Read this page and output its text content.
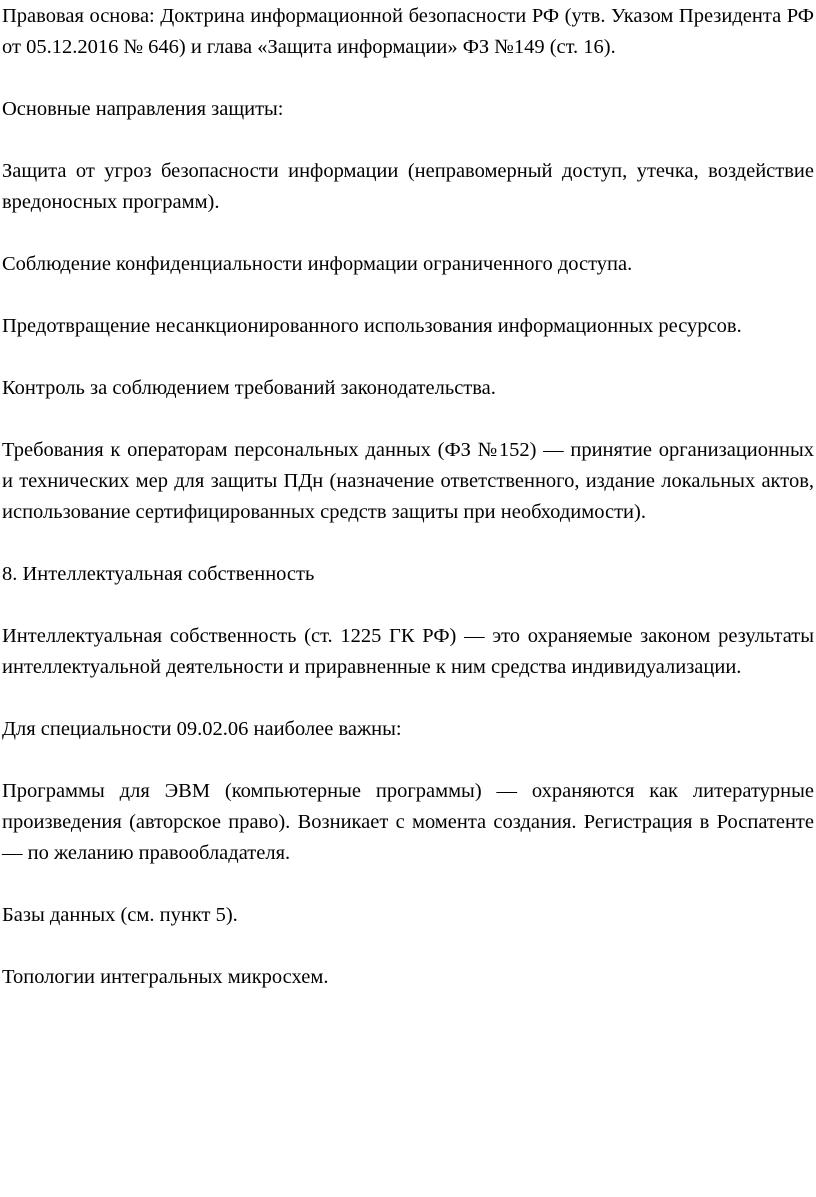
Правовая основа: Доктрина информационной безопасности РФ (утв. Указом Президента РФ от 05.12.2016 № 646) и глава «Защита информации» ФЗ №149 (ст. 16).

Основные направления защиты:

Защита от угроз безопасности информации (неправомерный доступ, утечка, воздействие вредоносных программ).

Соблюдение конфиденциальности информации ограниченного доступа.

Предотвращение несанкционированного использования информационных ресурсов.

Контроль за соблюдением требований законодательства.

Требования к операторам персональных данных (ФЗ №152) — принятие организационных и технических мер для защиты ПДн (назначение ответственного, издание локальных актов, использование сертифицированных средств защиты при необходимости).

8. Интеллектуальная собственность

Интеллектуальная собственность (ст. 1225 ГК РФ) — это охраняемые законом результаты интеллектуальной деятельности и приравненные к ним средства индивидуализации.

Для специальности 09.02.06 наиболее важны:

Программы для ЭВМ (компьютерные программы) — охраняются как литературные произведения (авторское право). Возникает с момента создания. Регистрация в Роспатенте — по желанию правообладателя.

Базы данных (см. пункт 5).

Топологии интегральных микросхем.
